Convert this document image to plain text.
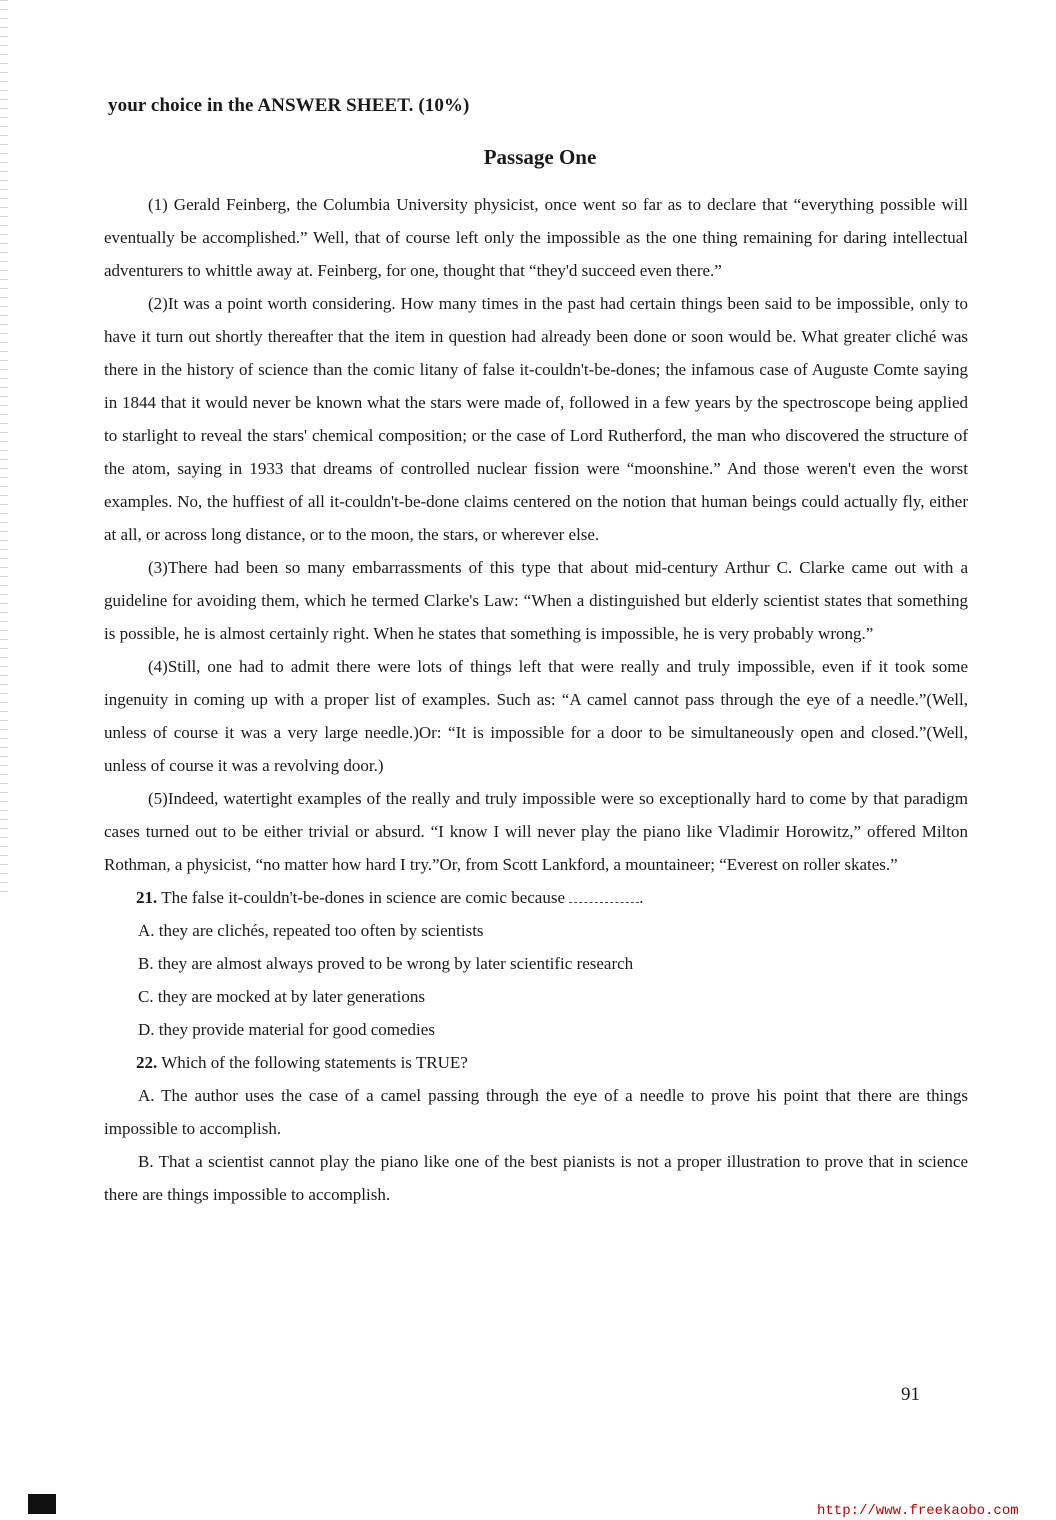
your choice in the ANSWER SHEET. (10%)
Passage One

(1) Gerald Feinberg, the Columbia University physicist, once went so far as to declare that “everything possible will eventually be accomplished.” Well, that of course left only the impossible as the one thing remaining for daring intellectual adventurers to whittle away at. Feinberg, for one, thought that “they'd succeed even there.”

(2)It was a point worth considering. How many times in the past had certain things been said to be impossible, only to have it turn out shortly thereafter that the item in question had already been done or soon would be. What greater cliché was there in the history of science than the comic litany of false it-couldn't-be-dones; the infamous case of Auguste Comte saying in 1844 that it would never be known what the stars were made of, followed in a few years by the spectroscope being applied to starlight to reveal the stars' chemical composition; or the case of Lord Rutherford, the man who discovered the structure of the atom, saying in 1933 that dreams of controlled nuclear fission were “moonshine.” And those weren't even the worst examples. No, the huffiest of all it-couldn't-be-done claims centered on the notion that human beings could actually fly, either at all, or across long distance, or to the moon, the stars, or wherever else.

(3)There had been so many embarrassments of this type that about mid-century Arthur C. Clarke came out with a guideline for avoiding them, which he termed Clarke's Law: “When a distinguished but elderly scientist states that something is possible, he is almost certainly right. When he states that something is impossible, he is very probably wrong.”

(4)Still, one had to admit there were lots of things left that were really and truly impossible, even if it took some ingenuity in coming up with a proper list of examples. Such as: “A camel cannot pass through the eye of a needle.”(Well, unless of course it was a very large needle.)Or: “It is impossible for a door to be simultaneously open and closed.”(Well, unless of course it was a revolving door.)

(5)Indeed, watertight examples of the really and truly impossible were so exceptionally hard to come by that paradigm cases turned out to be either trivial or absurd. “I know I will never play the piano like Vladimir Horowitz,” offered Milton Rothman, a physicist, “no matter how hard I try.”Or, from Scott Lankford, a mountaineer; “Everest on roller skates.”

21. The false it-couldn't-be-dones in science are comic because	.

A. they are clichés, repeated too often by scientists

B. they are almost always proved to be wrong by later scientific research

C. they are mocked at by later generations

D. they provide material for good comedies

22. Which of the following statements is TRUE?

A. The author uses the case of a camel passing through the eye of a needle to prove his point that there are things impossible to accomplish.

B. That a scientist cannot play the piano like one of the best pianists is not a proper illustration to prove that in science there are things impossible to accomplish.

91
http://www.freekaobo.com
